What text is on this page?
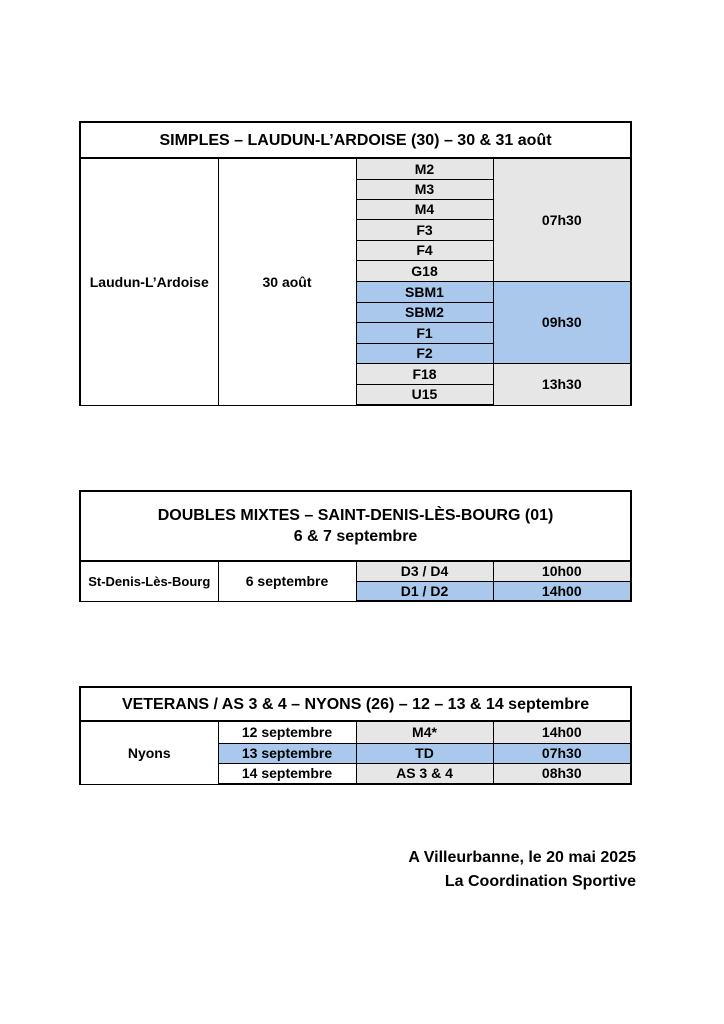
SIMPLES – LAUDUN-L’ARDOISE (30) – 30 & 31 août			
Laudun-L’Ardoise	30 août	M2	07h30
		M3	
		M4	
		F3	
		F4	
		G18	
		SBM1	09h30
		SBM2	
		F1	
		F2	
		F18	13h30
		U15	
DOUBLES MIXTES – SAINT-DENIS-LÈS-BOURG (01)
6 & 7 septembre			

St-Denis-Lès-Bourg	6 septembre	D3 / D4	10h00
		D1 / D2	14h00
VETERANS / AS 3 & 4 – NYONS (26) – 12 – 13 & 14 septembre			
Nyons	12 septembre	M4*	14h00
	13 septembre	TD	07h30
	14 septembre	AS 3 & 4	08h30
A Villeurbanne, le 20 mai 2025
La Coordination Sportive
